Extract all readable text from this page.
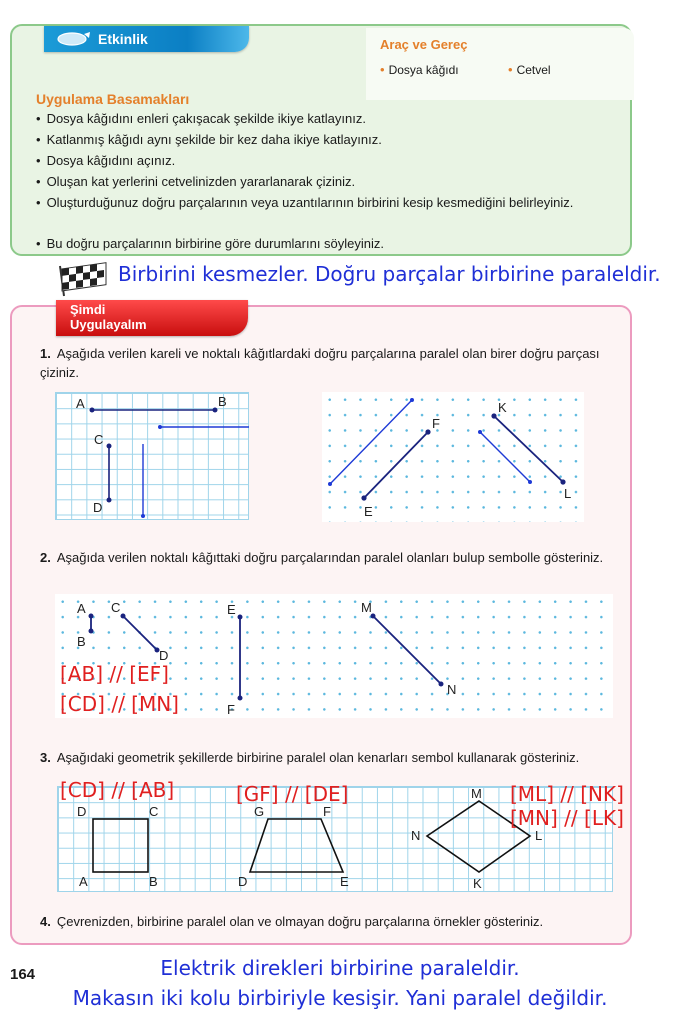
Etkinlik	Araç ve Gereç
• Dosya kâğıdı	• Cetvel
Uygulama Basamakları
• Dosya kâğıdını enleri çakışacak şekilde ikiye katlayınız.
• Katlanmış kâğıdı aynı şekilde bir kez daha ikiye katlayınız.
• Dosya kâğıdını açınız.
• Oluşan kat yerlerini cetvelinizden yararlanarak çiziniz.
• Oluşturduğunuz doğru parçalarının veya uzantılarının birbirini kesip kesmediğini belirleyiniz.
• Bu doğru parçalarının birbirine göre durumlarını söyleyiniz.
Birbirini kesmezler. Doğru parçalar birbirine paraleldir.
Şimdi
Uygulayalım
1. Aşağıda verilen kareli ve noktalı kâğıtlardaki doğru parçalarına paralel olan birer doğru parçası çiziniz.
A	B
C
D
F
E
K
L
2. Aşağıda verilen noktalı kâğıttaki doğru parçalarından paralel olanları bulup sembolle gösteriniz.
A
B
C
D
E
F
M
N
[AB] // [EF]
[CD] // [MN]
3. Aşağıdaki geometrik şekillerde birbirine paralel olan kenarları sembol kullanarak gösteriniz.
D	C
A	B
G	F
D	E
M
N	L
K
[CD] // [AB]	[GF] // [DE]	[ML] // [NK]
[MN] // [LK]
4. Çevrenizden, birbirine paralel olan ve olmayan doğru parçalarına örnekler gösteriniz.
164	Elektrik direkleri birbirine paraleldir.
Makasın iki kolu birbiriyle kesişir. Yani paralel değildir.
